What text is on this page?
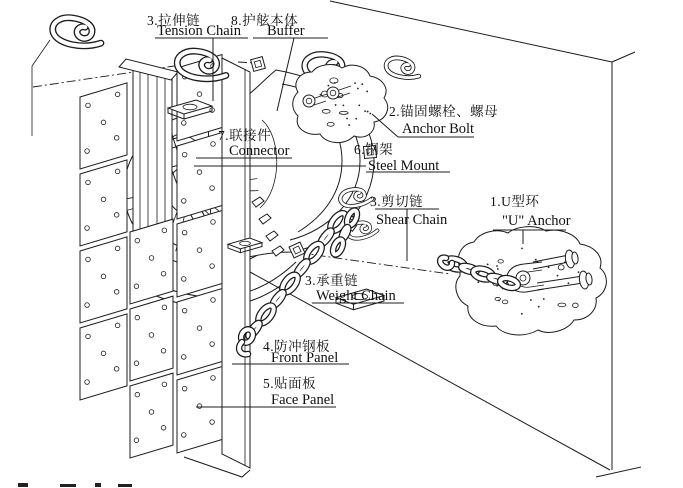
3.拉伸链
Tension Chain
8.护舷本体
Buffer
2.锚固螺栓、螺母
Anchor Bolt
6.钢架
Steel Mount
7.联接件
Connector
3.剪切链
Shear Chain
1.U型环
"U" Anchor
3.承重链
Weight Chain
4.防冲钢板
Front Panel
5.贴面板
Face Panel
